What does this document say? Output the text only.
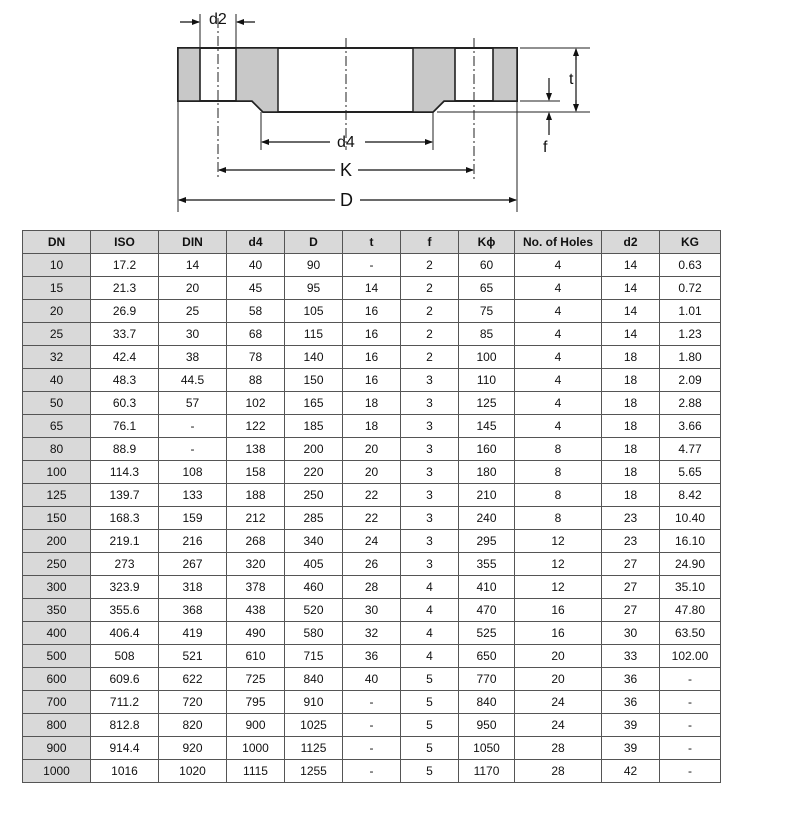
d2
t
f
d4
K
D
DN	ISO	DIN	d4	D	t	f	Kϕ	No. of Holes	d2	KG
10	17.2	14	40	90	-	2	60	4	14	0.63
15	21.3	20	45	95	14	2	65	4	14	0.72
20	26.9	25	58	105	16	2	75	4	14	1.01
25	33.7	30	68	115	16	2	85	4	14	1.23
32	42.4	38	78	140	16	2	100	4	18	1.80
40	48.3	44.5	88	150	16	3	110	4	18	2.09
50	60.3	57	102	165	18	3	125	4	18	2.88
65	76.1	-	122	185	18	3	145	4	18	3.66
80	88.9	-	138	200	20	3	160	8	18	4.77
100	114.3	108	158	220	20	3	180	8	18	5.65
125	139.7	133	188	250	22	3	210	8	18	8.42
150	168.3	159	212	285	22	3	240	8	23	10.40
200	219.1	216	268	340	24	3	295	12	23	16.10
250	273	267	320	405	26	3	355	12	27	24.90
300	323.9	318	378	460	28	4	410	12	27	35.10
350	355.6	368	438	520	30	4	470	16	27	47.80
400	406.4	419	490	580	32	4	525	16	30	63.50
500	508	521	610	715	36	4	650	20	33	102.00
600	609.6	622	725	840	40	5	770	20	36	-
700	711.2	720	795	910	-	5	840	24	36	-
800	812.8	820	900	1025	-	5	950	24	39	-
900	914.4	920	1000	1125	-	5	1050	28	39	-
1000	1016	1020	1115	1255	-	5	1170	28	42	-
